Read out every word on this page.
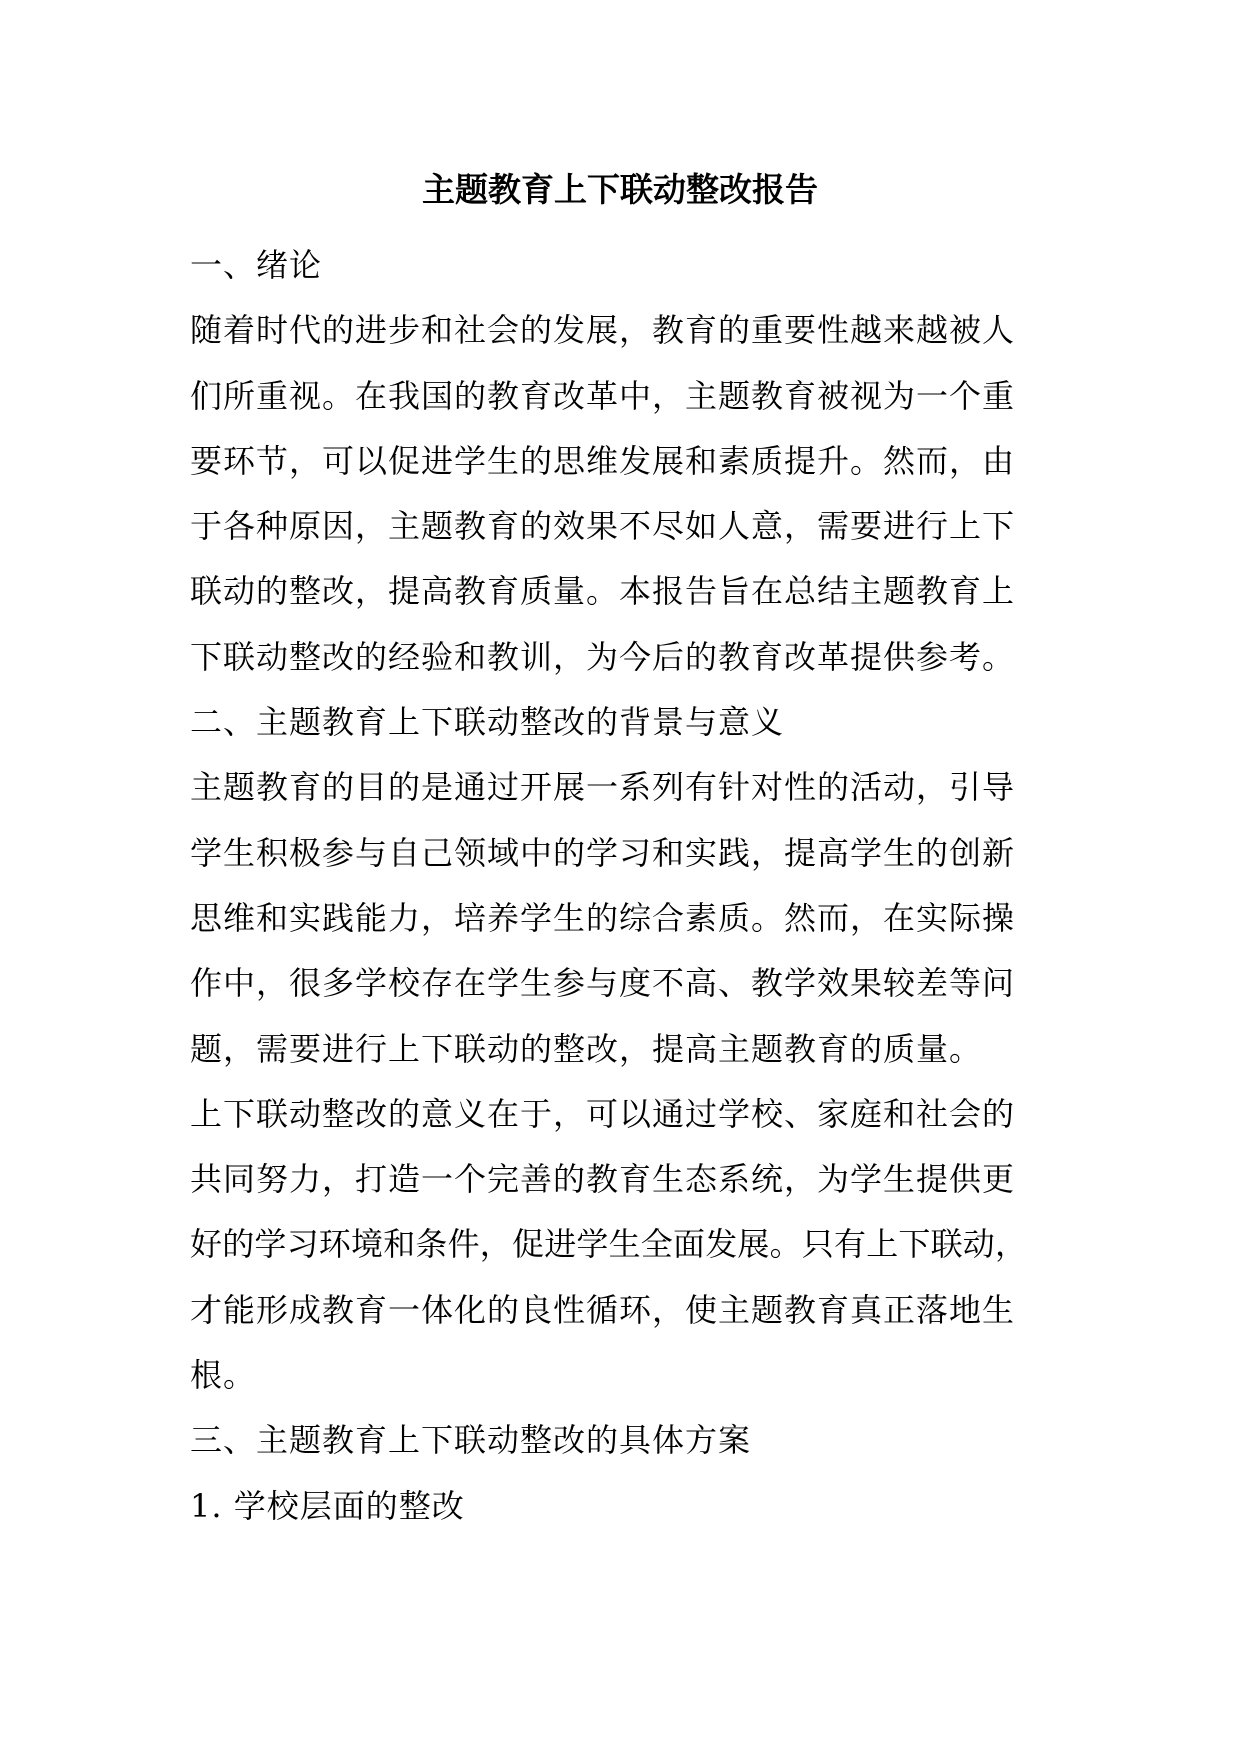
主题教育上下联动整改报告
一、绪论
随着时代的进步和社会的发展，教育的重要性越来越被人
们所重视。在我国的教育改革中，主题教育被视为一个重
要环节，可以促进学生的思维发展和素质提升。然而，由
于各种原因，主题教育的效果不尽如人意，需要进行上下
联动的整改，提高教育质量。本报告旨在总结主题教育上
下联动整改的经验和教训，为今后的教育改革提供参考。
二、主题教育上下联动整改的背景与意义
主题教育的目的是通过开展一系列有针对性的活动，引导
学生积极参与自己领域中的学习和实践，提高学生的创新
思维和实践能力，培养学生的综合素质。然而，在实际操
作中，很多学校存在学生参与度不高、教学效果较差等问
题，需要进行上下联动的整改，提高主题教育的质量。
上下联动整改的意义在于，可以通过学校、家庭和社会的
共同努力，打造一个完善的教育生态系统，为学生提供更
好的学习环境和条件，促进学生全面发展。只有上下联动，
才能形成教育一体化的良性循环，使主题教育真正落地生
根。
三、主题教育上下联动整改的具体方案
1. 学校层面的整改
